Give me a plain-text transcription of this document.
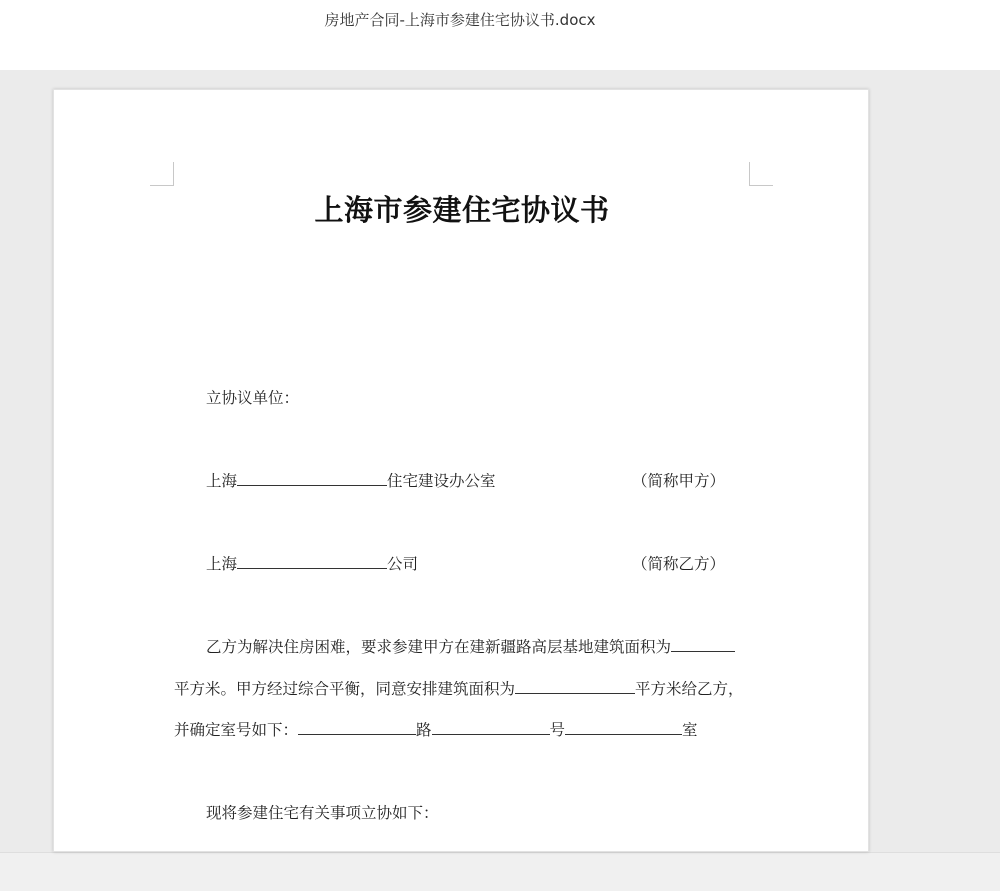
房地产合同-上海市参建住宅协议书.docx
上海市参建住宅协议书
立协议单位：
上海	住宅建设办公室	（简称甲方）
上海	公司	（简称乙方）
乙方为解决住房困难，要求参建甲方在建新疆路高层基地建筑面积为
平方米。甲方经过综合平衡，同意安排建筑面积为	平方米给乙方，
并确定室号如下：	路	号	室
现将参建住宅有关事项立协如下：
